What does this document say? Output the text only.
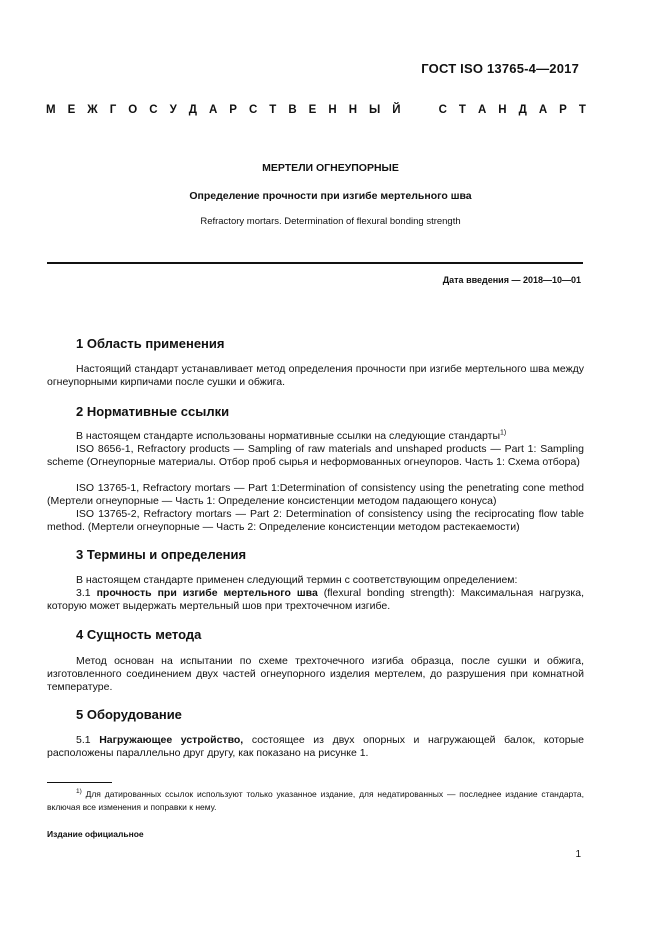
ГОСТ ISO 13765-4—2017
М Е Ж Г О С У Д А Р С Т В Е Н Н Ы Й	С Т А Н Д А Р Т
МЕРТЕЛИ ОГНЕУПОРНЫЕ
Определение прочности при изгибе мертельного шва
Refractory mortars. Determination of flexural bonding strength
Дата введения — 2018—10—01
1 Область применения
Настоящий стандарт устанавливает метод определения прочности при изгибе мертельного шва между огнеупорными кирпичами после сушки и обжига.
2 Нормативные ссылки
В настоящем стандарте использованы нормативные ссылки на следующие стандарты$^{1)}$
ISO 8656-1, Refractory products — Sampling of raw materials and unshaped products — Part 1: Sampling scheme (Огнеупорные материалы. Отбор проб сырья и неформованных огнеупоров. Часть 1: Схема отбора)
ISO 13765-1, Refractory mortars — Part 1:Determination of consistency using the penetrating cone method (Мертели огнеупорные — Часть 1: Определение консистенции методом падающего конуса)
ISO 13765-2, Refractory mortars — Part 2: Determination of consistency using the reciprocating flow table method. (Мертели огнеупорные — Часть 2: Определение консистенции методом растекаемости)
3 Термины и определения
В настоящем стандарте применен следующий термин с соответствующим определением:
3.1 прочность при изгибе мертельного шва (flexural bonding strength): Максимальная нагрузка, которую может выдержать мертельный шов при трехточечном изгибе.
4 Сущность метода
Метод основан на испытании по схеме трехточечного изгиба образца, после сушки и обжига, изготовленного соединением двух частей огнеупорного изделия мертелем, до разрушения при комнатной температуре.
5 Оборудование
5.1 Нагружающее устройство, состоящее из двух опорных и нагружающей балок, которые расположены параллельно друг другу, как показано на рисунке 1.
$^{1)}$ Для датированных ссылок используют только указанное издание, для недатированных — последнее издание стандарта, включая все изменения и поправки к нему.
Издание официальное
1
